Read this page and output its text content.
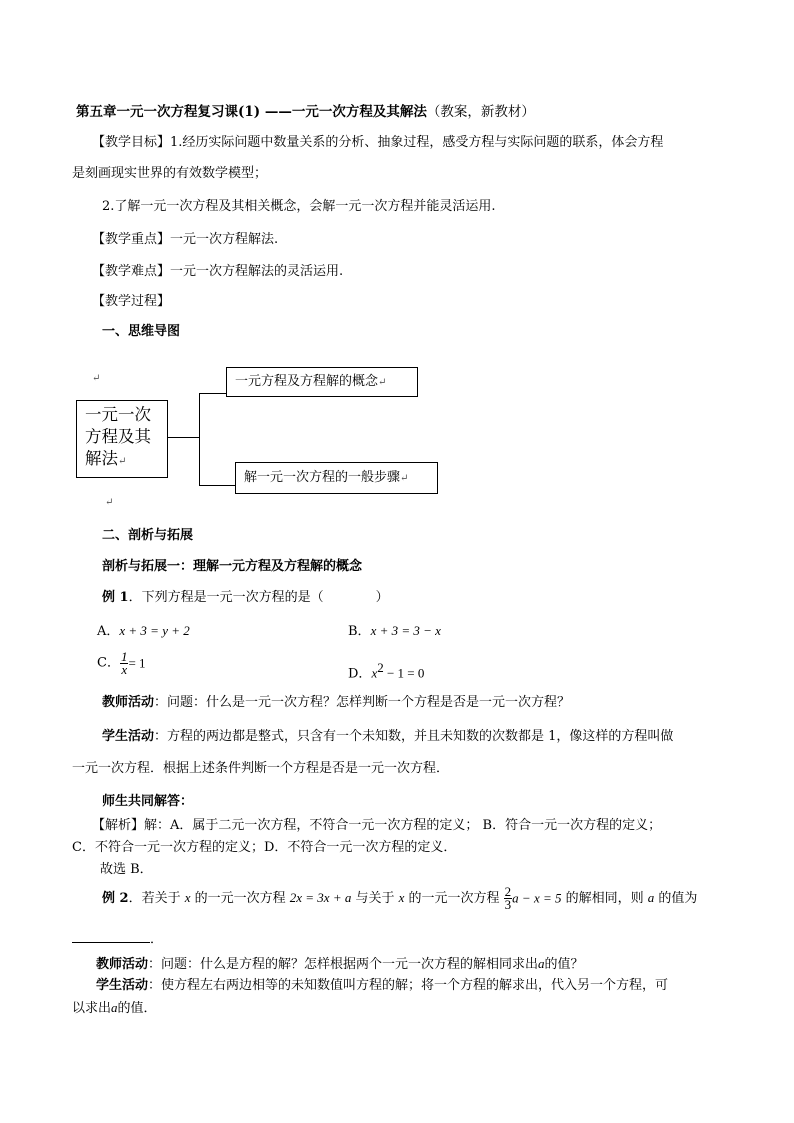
第五章一元一次方程复习课(1) ——一元一次方程及其解法（教案，新教材）
【教学目标】1.经历实际问题中数量关系的分析、抽象过程，感受方程与实际问题的联系，体会方程
是刻画现实世界的有效数学模型；
2.了解一元一次方程及其相关概念，会解一元一次方程并能灵活运用.
【教学重点】一元一次方程解法.
【教学难点】一元一次方程解法的灵活运用.
【教学过程】
一、思维导图
↵
一元一次
方程及其
解法↵
一元方程及方程解的概念↵
解一元一次方程的一般步骤↵
↵
二、剖析与拓展
剖析与拓展一：理解一元方程及方程解的概念
例 1．下列方程是一元一次方程的是（　　　　）
A．x + 3 = y + 2	B．x + 3 = 3 − x
C． $\frac{1}{x} = 1$
D．$x^2 - 1 = 0$
教师活动：问题：什么是一元一次方程？怎样判断一个方程是否是一元一次方程？
学生活动：方程的两边都是整式，只含有一个未知数，并且未知数的次数都是 1，像这样的方程叫做
一元一次方程．根据上述条件判断一个方程是否是一元一次方程．
师生共同解答：
【解析】解：A．属于二元一次方程，不符合一元一次方程的定义； B．符合一元一次方程的定义；
C．不符合一元一次方程的定义；D．不符合一元一次方程的定义．
故选 B．
例 2．若关于 x 的一元一次方程 2x = 3x + a 与关于 x 的一元一次方程 $\frac{2}{3}$ a − x = 5 的解相同，则 a 的值为
．
教师活动：问题：什么是方程的解？怎样根据两个一元一次方程的解相同求出a的值？
学生活动：使方程左右两边相等的未知数值叫方程的解；将一个方程的解求出，代入另一个方程，可
以求出a的值．
